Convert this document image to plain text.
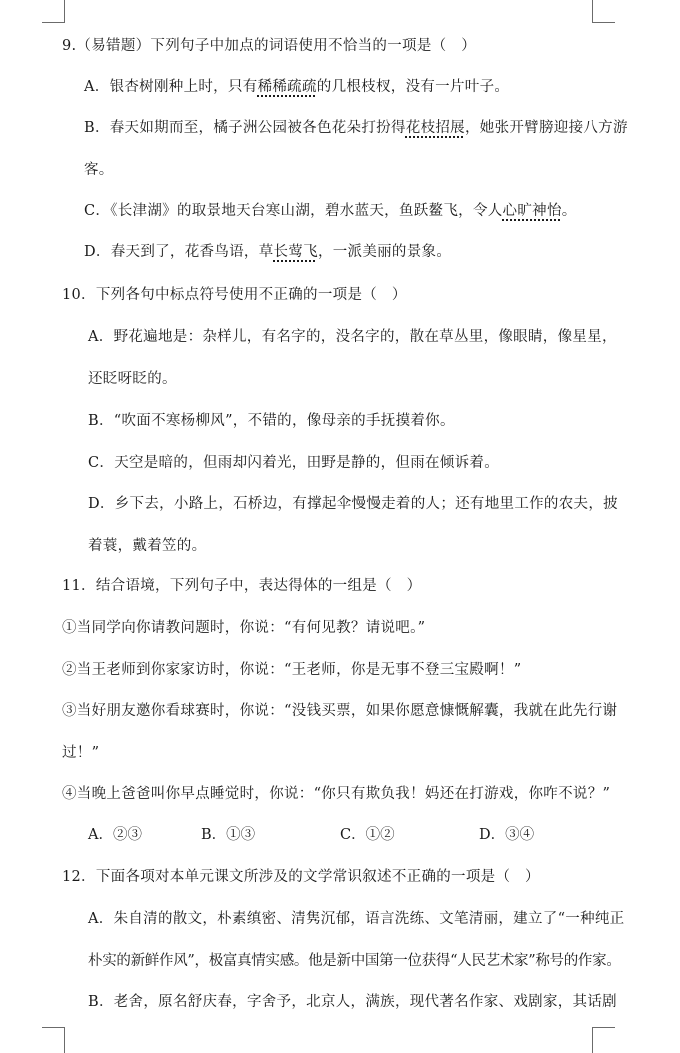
9.（易错题）下列句子中加点的词语使用不恰当的一项是（　）
A．银杏树刚种上时，只有稀稀疏疏的几根枝杈，没有一片叶子。
B．春天如期而至，橘子洲公园被各色花朵打扮得花枝招展，她张开臂膀迎接八方游
客。
C．《长津湖》的取景地天台寒山湖，碧水蓝天，鱼跃鳌飞，令人心旷神怡。
D．春天到了，花香鸟语，草长莺飞，一派美丽的景象。
10．下列各句中标点符号使用不正确的一项是（　）
A．野花遍地是：杂样儿，有名字的，没名字的，散在草丛里，像眼睛，像星星，
还眨呀眨的。
B．“吹面不寒杨柳风”，不错的，像母亲的手抚摸着你。
C．天空是暗的，但雨却闪着光，田野是静的，但雨在倾诉着。
D．乡下去，小路上，石桥边，有撑起伞慢慢走着的人；还有地里工作的农夫，披
着蓑，戴着笠的。
11．结合语境，下列句子中，表达得体的一组是（　）
①当同学向你请教问题时，你说：“有何见教？请说吧。”
②当王老师到你家家访时，你说：“王老师，你是无事不登三宝殿啊！”
③当好朋友邀你看球赛时，你说：“没钱买票，如果你愿意慷慨解囊，我就在此先行谢
过！”
④当晚上爸爸叫你早点睡觉时，你说：“你只有欺负我！妈还在打游戏，你咋不说？”
A．②③	B．①③	C．①②	D．③④
12．下面各项对本单元课文所涉及的文学常识叙述不正确的一项是（　）
A．朱自清的散文，朴素缜密、清隽沉郁，语言洗练、文笔清丽，建立了“一种纯正
朴实的新鲜作风”，极富真情实感。他是新中国第一位获得“人民艺术家”称号的作家。
B．老舍，原名舒庆春，字舍予，北京人，满族，现代著名作家、戏剧家，其话剧
